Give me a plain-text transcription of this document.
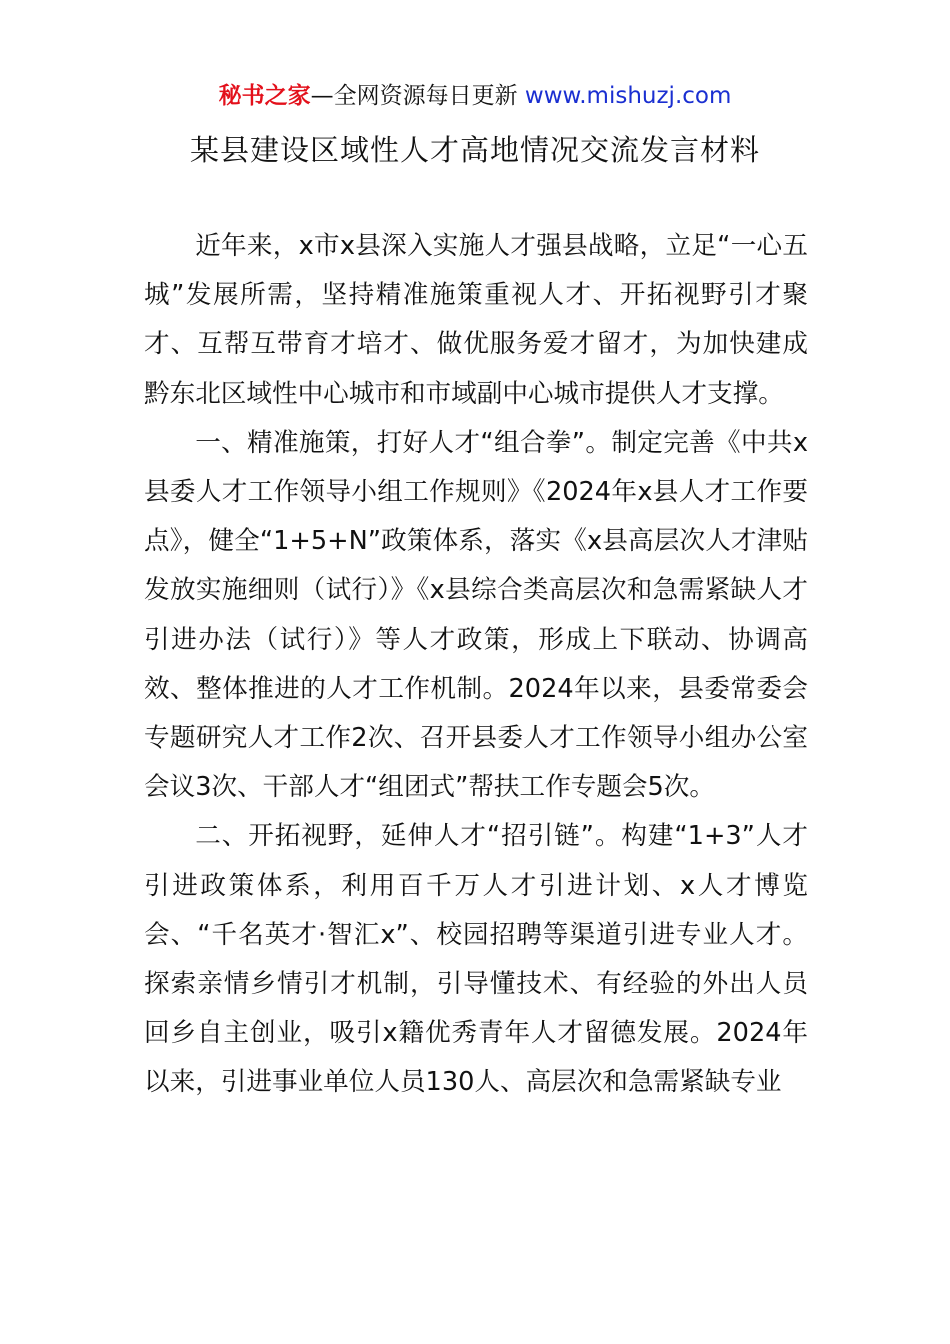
秘书之家—全网资源每日更新 www.mishuzj.com
某县建设区域性人才高地情况交流发言材料

近年来，x市x县深入实施人才强县战略，立足“一心五城”发展所需，坚持精准施策重视人才、开拓视野引才聚才、互帮互带育才培才、做优服务爱才留才，为加快建成黔东北区域性中心城市和市域副中心城市提供人才支撑。

一、精准施策，打好人才“组合拳”。制定完善《中共x县委人才工作领导小组工作规则》《2024年x县人才工作要点》，健全“1+5+N”政策体系，落实《x县高层次人才津贴发放实施细则（试行）》《x县综合类高层次和急需紧缺人才引进办法（试行）》等人才政策，形成上下联动、协调高效、整体推进的人才工作机制。2024年以来，县委常委会专题研究人才工作2次、召开县委人才工作领导小组办公室会议3次、干部人才“组团式”帮扶工作专题会5次。

二、开拓视野，延伸人才“招引链”。构建“1+3”人才引进政策体系，利用百千万人才引进计划、x人才博览会、“千名英才·智汇x”、校园招聘等渠道引进专业人才。探索亲情乡情引才机制，引导懂技术、有经验的外出人员回乡自主创业，吸引x籍优秀青年人才留德发展。2024年以来，引进事业单位人员130人、高层次和急需紧缺专业
